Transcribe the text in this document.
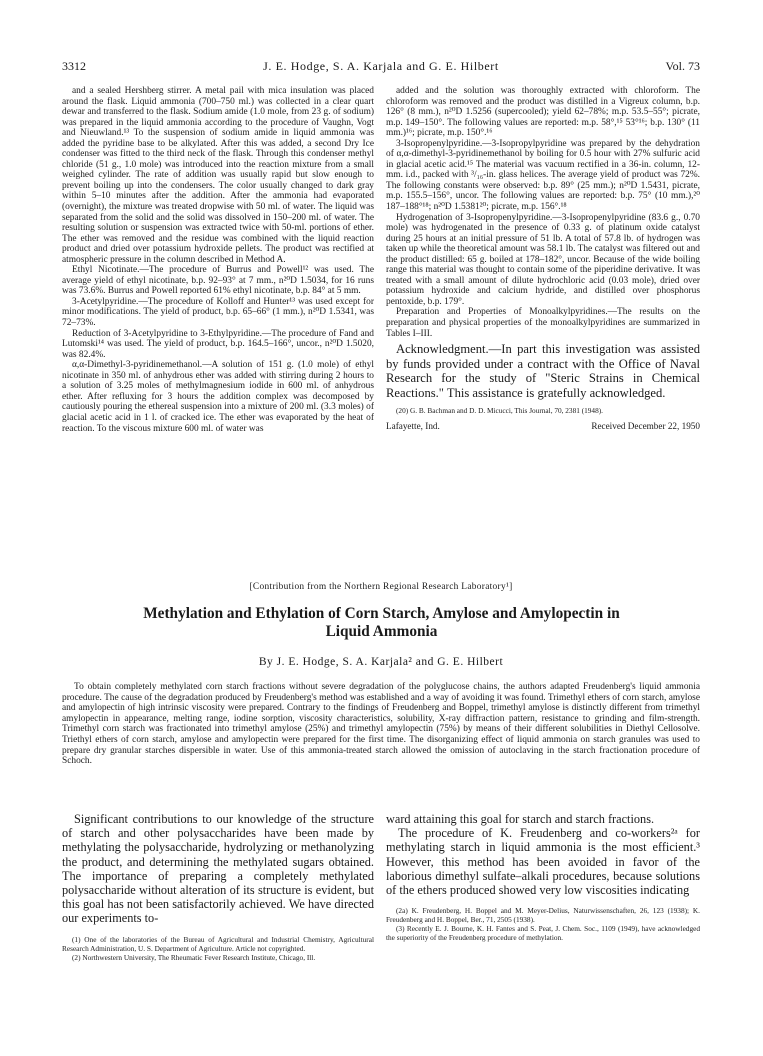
3312	J. E. Hodge, S. A. Karjala and G. E. Hilbert	Vol. 73

and a sealed Hershberg stirrer. A metal pail with mica insulation was placed around the flask. Liquid ammonia (700–750 ml.) was collected in a clear quart dewar and transferred to the flask. Sodium amide (1.0 mole, from 23 g. of sodium) was prepared in the liquid ammonia according to the procedure of Vaughn, Vogt and Nieuwland.¹³ To the suspension of sodium amide in liquid ammonia was added the pyridine base to be alkylated. After this was added, a second Dry Ice condenser was fitted to the third neck of the flask. Through this condenser methyl chloride (51 g., 1.0 mole) was introduced into the reaction mixture from a small weighed cylinder. The rate of addition was usually rapid but slow enough to prevent boiling up into the condensers. The color usually changed to dark gray within 5–10 minutes after the addition. After the ammonia had evaporated (overnight), the mixture was treated dropwise with 50 ml. of water. The liquid was separated from the solid and the solid was dissolved in 150–200 ml. of water. The resulting solution or suspension was extracted twice with 50-ml. portions of ether. The ether was removed and the residue was combined with the liquid reaction product and dried over potassium hydroxide pellets. The product was rectified at atmospheric pressure in the column described in Method A.

Ethyl Nicotinate.—The procedure of Burrus and Powell¹² was used. The average yield of ethyl nicotinate, b.p. 92–93° at 7 mm., n²⁰D 1.5034, for 16 runs was 73.6%. Burrus and Powell reported 61% ethyl nicotinate, b.p. 84° at 5 mm.

3-Acetylpyridine.—The procedure of Kolloff and Hunter¹³ was used except for minor modifications. The yield of product, b.p. 65–66° (1 mm.), n²⁰D 1.5341, was 72–73%.

Reduction of 3-Acetylpyridine to 3-Ethylpyridine.—The procedure of Fand and Lutomski¹⁴ was used. The yield of product, b.p. 164.5–166°, uncor., n²⁰D 1.5020, was 82.4%.

α,α-Dimethyl-3-pyridinemethanol.—A solution of 151 g. (1.0 mole) of ethyl nicotinate in 350 ml. of anhydrous ether was added with stirring during 2 hours to a solution of 3.25 moles of methylmagnesium iodide in 600 ml. of anhydrous ether. After refluxing for 3 hours the addition complex was decomposed by cautiously pouring the ethereal suspension into a mixture of 200 ml. (3.3 moles) of glacial acetic acid in 1 l. of cracked ice. The ether was evaporated by the heat of reaction. To the viscous mixture 600 ml. of water was

added and the solution was thoroughly extracted with chloroform. The chloroform was removed and the product was distilled in a Vigreux column, b.p. 126° (8 mm.), n²⁰D 1.5256 (supercooled); yield 62–78%; m.p. 53.5–55°; picrate, m.p. 149–150°. The following values are reported: m.p. 58°,¹⁵ 53°¹⁶; b.p. 130° (11 mm.)¹⁶; picrate, m.p. 150°.¹⁶

3-Isopropenylpyridine.—3-Isopropylpyridine was prepared by the dehydration of α,α-dimethyl-3-pyridinemethanol by boiling for 0.5 hour with 27% sulfuric acid in glacial acetic acid.¹⁵ The material was vacuum rectified in a 36-in. column, 12-mm. i.d., packed with ³/₁₆-in. glass helices. The average yield of product was 72%. The following constants were observed: b.p. 89° (25 mm.); n²⁰D 1.5431, picrate, m.p. 155.5–156°, uncor. The following values are reported: b.p. 75° (10 mm.),²⁰ 187–188°¹⁸; n²⁰D 1.5381²⁰; picrate, m.p. 156°.¹⁸

Hydrogenation of 3-Isopropenylpyridine.—3-Isopropenylpyridine (83.6 g., 0.70 mole) was hydrogenated in the presence of 0.33 g. of platinum oxide catalyst during 25 hours at an initial pressure of 51 lb. A total of 57.8 lb. of hydrogen was taken up while the theoretical amount was 58.1 lb. The catalyst was filtered out and the product distilled: 65 g. boiled at 178–182°, uncor. Because of the wide boiling range this material was thought to contain some of the piperidine derivative. It was treated with a small amount of dilute hydrochloric acid (0.03 mole), dried over potassium hydroxide and calcium hydride, and distilled over phosphorus pentoxide, b.p. 179°.

Preparation and Properties of Monoalkylpyridines.—The results on the preparation and physical properties of the monoalkylpyridines are summarized in Tables I–III.

Acknowledgment.—In part this investigation was assisted by funds provided under a contract with the Office of Naval Research for the study of "Steric Strains in Chemical Reactions." This assistance is gratefully acknowledged.
(20) G. B. Bachman and D. D. Micucci, This Journal, 70, 2381 (1948).
Lafayette, Ind.	Received December 22, 1950
[Contribution from the Northern Regional Research Laboratory¹]
Methylation and Ethylation of Corn Starch, Amylose and Amylopectin in Liquid Ammonia
By J. E. Hodge, S. A. Karjala² and G. E. Hilbert

To obtain completely methylated corn starch fractions without severe degradation of the polyglucose chains, the authors adapted Freudenberg's liquid ammonia procedure. The cause of the degradation produced by Freudenberg's method was established and a way of avoiding it was found. Trimethyl ethers of corn starch, amylose and amylopectin of high intrinsic viscosity were prepared. Contrary to the findings of Freudenberg and Boppel, trimethyl amylose is distinctly different from trimethyl amylopectin in appearance, melting range, iodine sorption, viscosity characteristics, solubility, X-ray diffraction pattern, resistance to grinding and film-strength. Trimethyl corn starch was fractionated into trimethyl amylose (25%) and trimethyl amylopectin (75%) by means of their different solubilities in Diethyl Cellosolve. Triethyl ethers of corn starch, amylose and amylopectin were prepared for the first time. The disorganizing effect of liquid ammonia on starch granules was used to prepare dry granular starches dispersible in water. Use of this ammonia-treated starch allowed the omission of autoclaving in the starch fractionation procedure of Schoch.

Significant contributions to our knowledge of the structure of starch and other polysaccharides have been made by methylating the polysaccharide, hydrolyzing or methanolyzing the product, and determining the methylated sugars obtained. The importance of preparing a completely methylated polysaccharide without alteration of its structure is evident, but this goal has not been satisfactorily achieved. We have directed our experiments to-

(1) One of the laboratories of the Bureau of Agricultural and Industrial Chemistry, Agricultural Research Administration, U. S. Department of Agriculture. Article not copyrighted.
(2) Northwestern University, The Rheumatic Fever Research Institute, Chicago, Ill.

ward attaining this goal for starch and starch fractions.

The procedure of K. Freudenberg and co-workers²ᵃ for methylating starch in liquid ammonia is the most efficient.³ However, this method has been avoided in favor of the laborious dimethyl sulfate–alkali procedures, because solutions of the ethers produced showed very low viscosities indicating

(2a) K. Freudenberg, H. Boppel and M. Meyer-Delius, Naturwissenschaften, 26, 123 (1938); K. Freudenberg and H. Boppel, Ber., 71, 2505 (1938).
(3) Recently E. J. Bourne, K. H. Fantes and S. Peat, J. Chem. Soc., 1109 (1949), have acknowledged the superiority of the Freudenberg procedure of methylation.
